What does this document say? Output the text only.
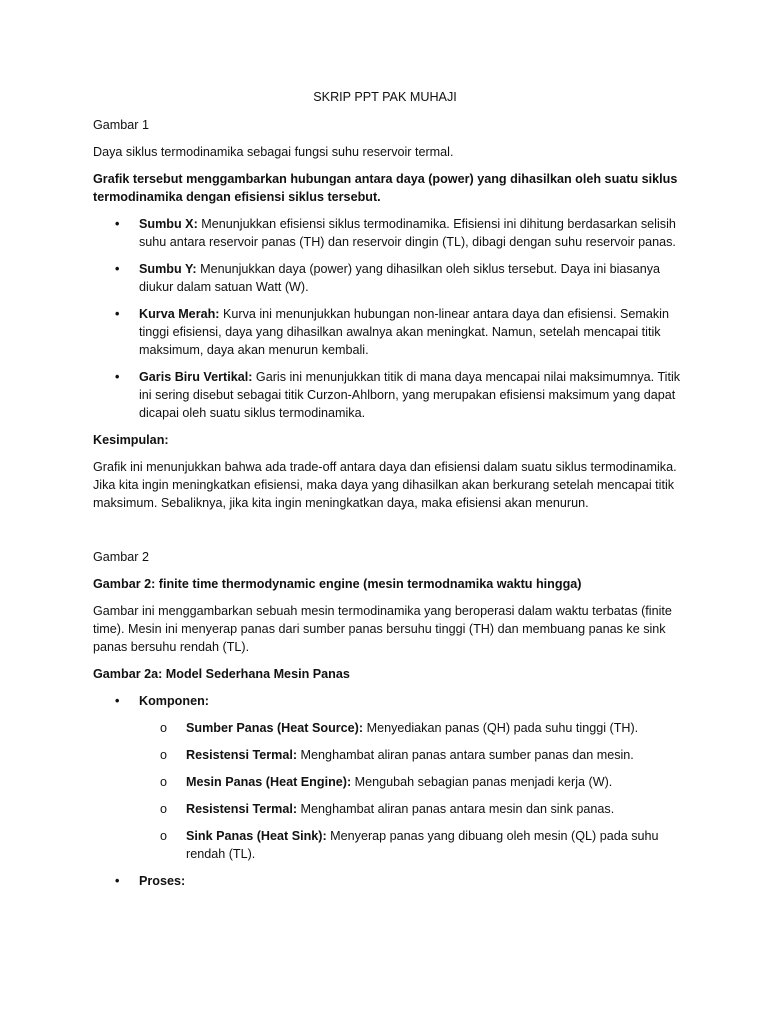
SKRIP PPT PAK MUHAJI

Gambar 1

Daya siklus termodinamika sebagai fungsi suhu reservoir termal.

Grafik tersebut menggambarkan hubungan antara daya (power) yang dihasilkan oleh suatu siklus termodinamika dengan efisiensi siklus tersebut.

• Sumbu X: Menunjukkan efisiensi siklus termodinamika. Efisiensi ini dihitung berdasarkan selisih suhu antara reservoir panas (TH) dan reservoir dingin (TL), dibagi dengan suhu reservoir panas.
• Sumbu Y: Menunjukkan daya (power) yang dihasilkan oleh siklus tersebut. Daya ini biasanya diukur dalam satuan Watt (W).
• Kurva Merah: Kurva ini menunjukkan hubungan non-linear antara daya dan efisiensi. Semakin tinggi efisiensi, daya yang dihasilkan awalnya akan meningkat. Namun, setelah mencapai titik maksimum, daya akan menurun kembali.
• Garis Biru Vertikal: Garis ini menunjukkan titik di mana daya mencapai nilai maksimumnya. Titik ini sering disebut sebagai titik Curzon-Ahlborn, yang merupakan efisiensi maksimum yang dapat dicapai oleh suatu siklus termodinamika.

Kesimpulan:

Grafik ini menunjukkan bahwa ada trade-off antara daya dan efisiensi dalam suatu siklus termodinamika. Jika kita ingin meningkatkan efisiensi, maka daya yang dihasilkan akan berkurang setelah mencapai titik maksimum. Sebaliknya, jika kita ingin meningkatkan daya, maka efisiensi akan menurun.

Gambar 2

Gambar 2: finite time thermodynamic engine (mesin termodnamika waktu hingga)

Gambar ini menggambarkan sebuah mesin termodinamika yang beroperasi dalam waktu terbatas (finite time). Mesin ini menyerap panas dari sumber panas bersuhu tinggi (TH) dan membuang panas ke sink panas bersuhu rendah (TL).

Gambar 2a: Model Sederhana Mesin Panas

• Komponen:
o Sumber Panas (Heat Source): Menyediakan panas (QH) pada suhu tinggi (TH).
o Resistensi Termal: Menghambat aliran panas antara sumber panas dan mesin.
o Mesin Panas (Heat Engine): Mengubah sebagian panas menjadi kerja (W).
o Resistensi Termal: Menghambat aliran panas antara mesin dan sink panas.
o Sink Panas (Heat Sink): Menyerap panas yang dibuang oleh mesin (QL) pada suhu rendah (TL).
• Proses:
